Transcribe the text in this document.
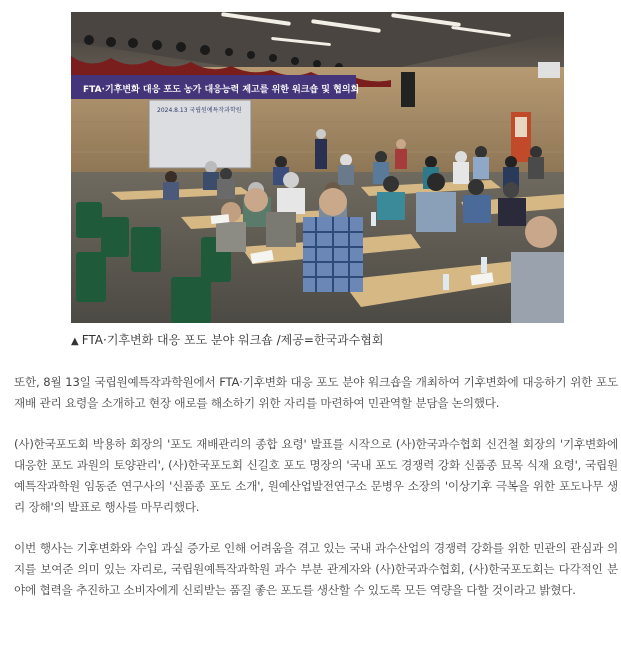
FTA·기후변화 대응 포도 농가 대응능력 제고를 위한 워크숍 및 협의회
2024.8.13 국립원예특작과학원
▲ FTA·기후변화 대응 포도 분야 워크숍 /제공=한국과수협회

또한, 8월 13일 국립원예특작과학원에서 FTA·기후변화 대응 포도 분야 워크숍을 개최하여 기후변화에 대응하기 위한 포도 재배 관리 요령을 소개하고 현장 애로를 해소하기 위한 자리를 마련하여 민관역할 분담을 논의했다.

(사)한국포도회 박용하 회장의 '포도 재배관리의 종합 요령' 발표를 시작으로 (사)한국과수협회 신건철 회장의 '기후변화에 대응한 포도 과원의 토양관리', (사)한국포도회 신길호 포도 명장의 '국내 포도 경쟁력 강화 신품종 묘목 식재 요령', 국립원예특작과학원 임동준 연구사의 '신품종 포도 소개', 원예산업발전연구소 문병우 소장의 '이상기후 극복을 위한 포도나무 생리 장해'의 발표로 행사를 마무리했다.

이번 행사는 기후변화와 수입 과실 증가로 인해 어려움을 겪고 있는 국내 과수산업의 경쟁력 강화를 위한 민관의 관심과 의지를 보여준 의미 있는 자리로, 국립원예특작과학원 과수 부분 관계자와 (사)한국과수협회, (사)한국포도회는 다각적인 분야에 협력을 추진하고 소비자에게 신뢰받는 품질 좋은 포도를 생산할 수 있도록 모든 역량을 다할 것이라고 밝혔다.
